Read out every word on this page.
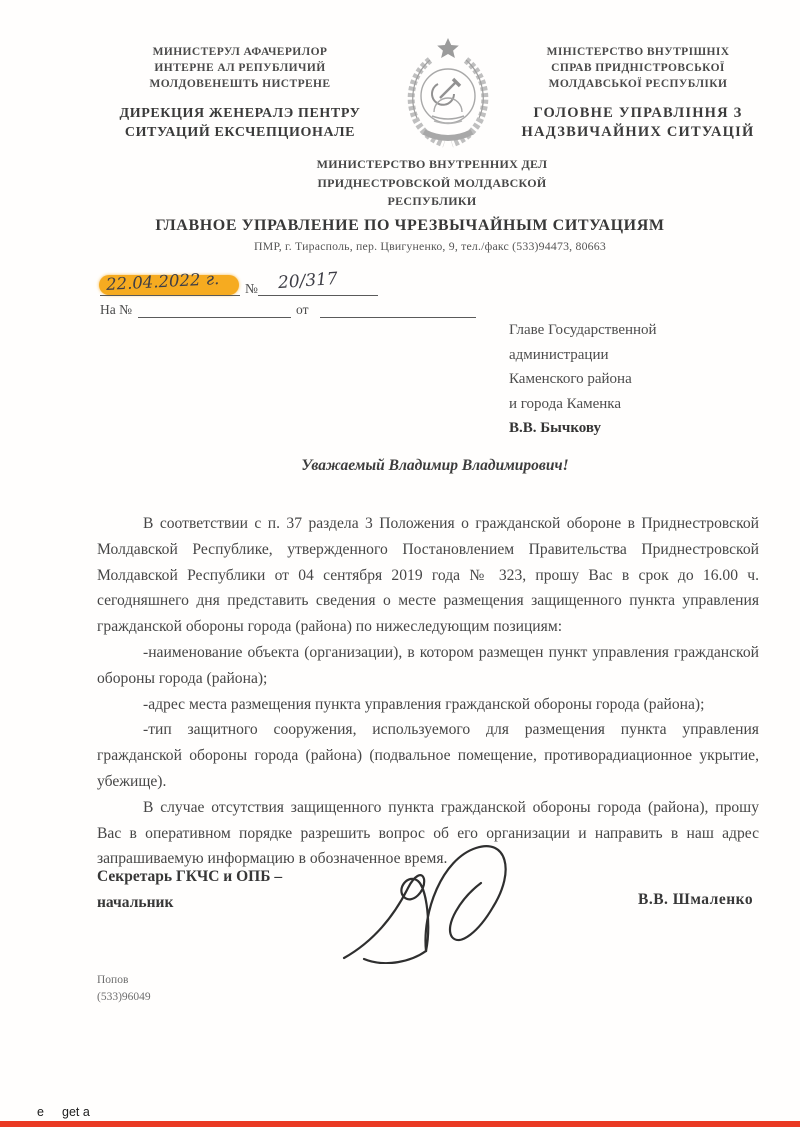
МИНИСТЕРУЛ АФАЧЕРИЛОР
ИНТЕРНЕ АЛ РЕПУБЛИЧИЙ
МОЛДОВЕНЕШТЬ НИСТРЕНЕ
ДИРЕКЦИЯ ЖЕНЕРАЛЭ ПЕНТРУ
СИТУАЦИЙ ЕКСЧЕПЦИОНАЛЕ
МІНІСТЕРСТВО ВНУТРІШНІХ
СПРАВ ПРИДНІСТРОВСЬКОЇ
МОЛДАВСЬКОЇ РЕСПУБЛІКИ
ГОЛОВНЕ УПРАВЛІННЯ З
НАДЗВИЧАЙНИХ СИТУАЦІЙ
МИНИСТЕРСТВО ВНУТРЕННИХ ДЕЛ
ПРИДНЕСТРОВСКОЙ МОЛДАВСКОЙ
РЕСПУБЛИКИ
ГЛАВНОЕ УПРАВЛЕНИЕ ПО ЧРЕЗВЫЧАЙНЫМ СИТУАЦИЯМ
ПМР, г. Тирасполь, пер. Цвигуненко, 9, тел./факс (533)94473, 80663
22.04.2022 г. № 20/317
На №	от
Главе Государственной
администрации
Каменского района
и города Каменка
В.В. Бычкову
Уважаемый Владимир Владимирович!

В соответствии с п. 37 раздела 3 Положения о гражданской обороне в Приднестровской Молдавской Республике, утвержденного Постановлением Правительства Приднестровской Молдавской Республики от 04 сентября 2019 года № 323, прошу Вас в срок до 16.00 ч. сегодняшнего дня представить сведения о месте размещения защищенного пункта управления гражданской обороны города (района) по нижеследующим позициям:

-наименование объекта (организации), в котором размещен пункт управления гражданской обороны города (района);

-адрес места размещения пункта управления гражданской обороны города (района);

-тип защитного сооружения, используемого для размещения пункта управления гражданской обороны города (района) (подвальное помещение, противорадиационное укрытие, убежище).

В случае отсутствия защищенного пункта гражданской обороны города (района), прошу Вас в оперативном порядке разрешить вопрос об его организации и направить в наш адрес запрашиваемую информацию в обозначенное время.

Секретарь ГКЧС и ОПБ –
начальник	В.В. Шмаленко
Попов
(533)96049
e get a
